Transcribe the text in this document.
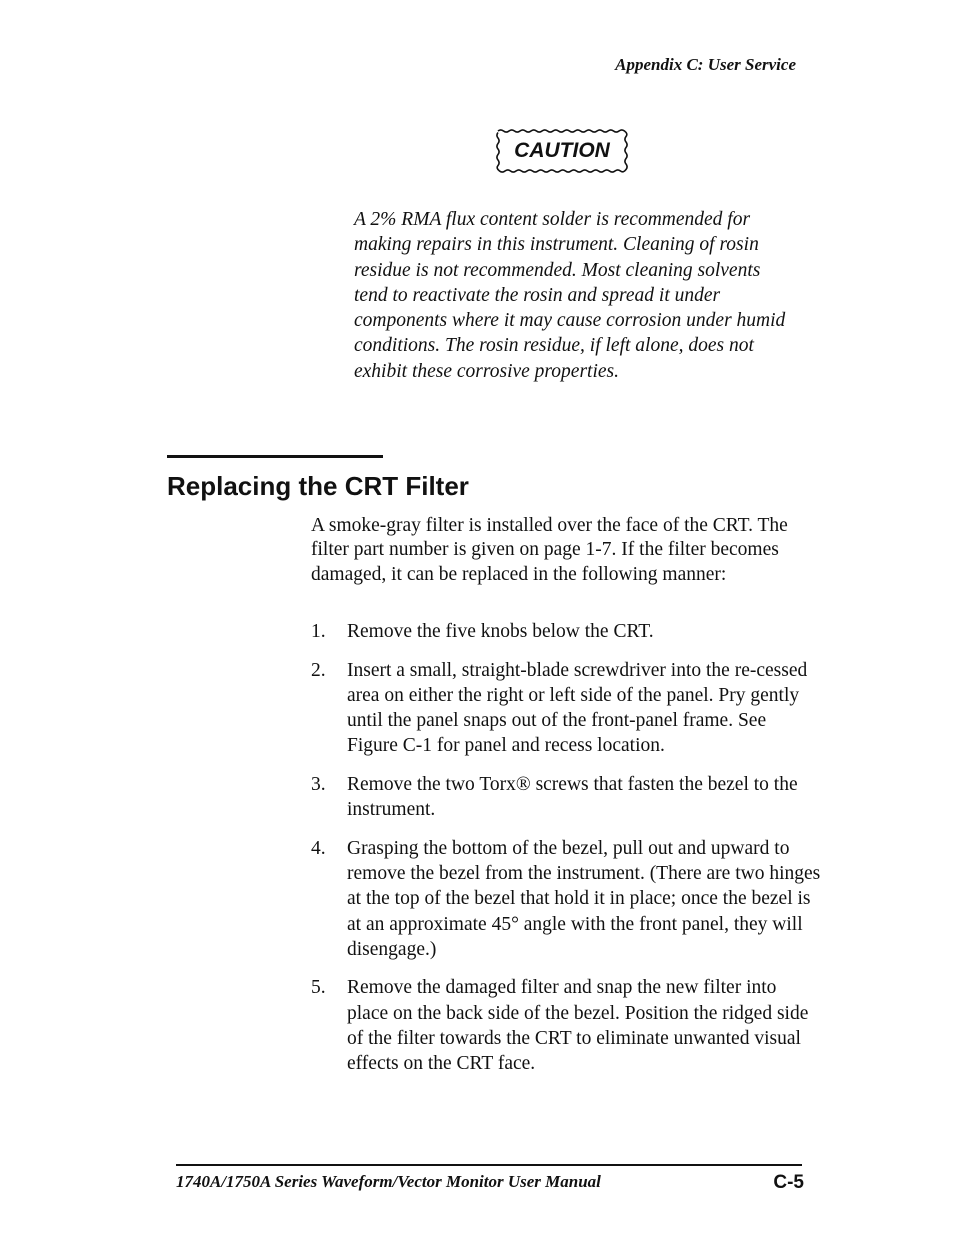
Appendix C: User Service
CAUTION

A 2% RMA flux content solder is recommended for making repairs in this instrument. Cleaning of rosin residue is not recommended. Most cleaning solvents tend to reactivate the rosin and spread it under components where it may cause corrosion under humid conditions. The rosin residue, if left alone, does not exhibit these corrosive properties.

Replacing the CRT Filter

A smoke-gray filter is installed over the face of the CRT. The filter part number is given on page 1-7. If the filter becomes damaged, it can be replaced in the following manner:

1. Remove the five knobs below the CRT.
2. Insert a small, straight-blade screwdriver into the re-cessed area on either the right or left side of the panel. Pry gently until the panel snaps out of the front-panel frame. See Figure C-1 for panel and recess location.
3. Remove the two Torx® screws that fasten the bezel to the instrument.
4. Grasping the bottom of the bezel, pull out and upward to remove the bezel from the instrument. (There are two hinges at the top of the bezel that hold it in place; once the bezel is at an approximate 45° angle with the front panel, they will disengage.)
5. Remove the damaged filter and snap the new filter into place on the back side of the bezel. Position the ridged side of the filter towards the CRT to eliminate unwanted visual effects on the CRT face.
1740A/1750A Series Waveform/Vector Monitor User Manual	C-5
